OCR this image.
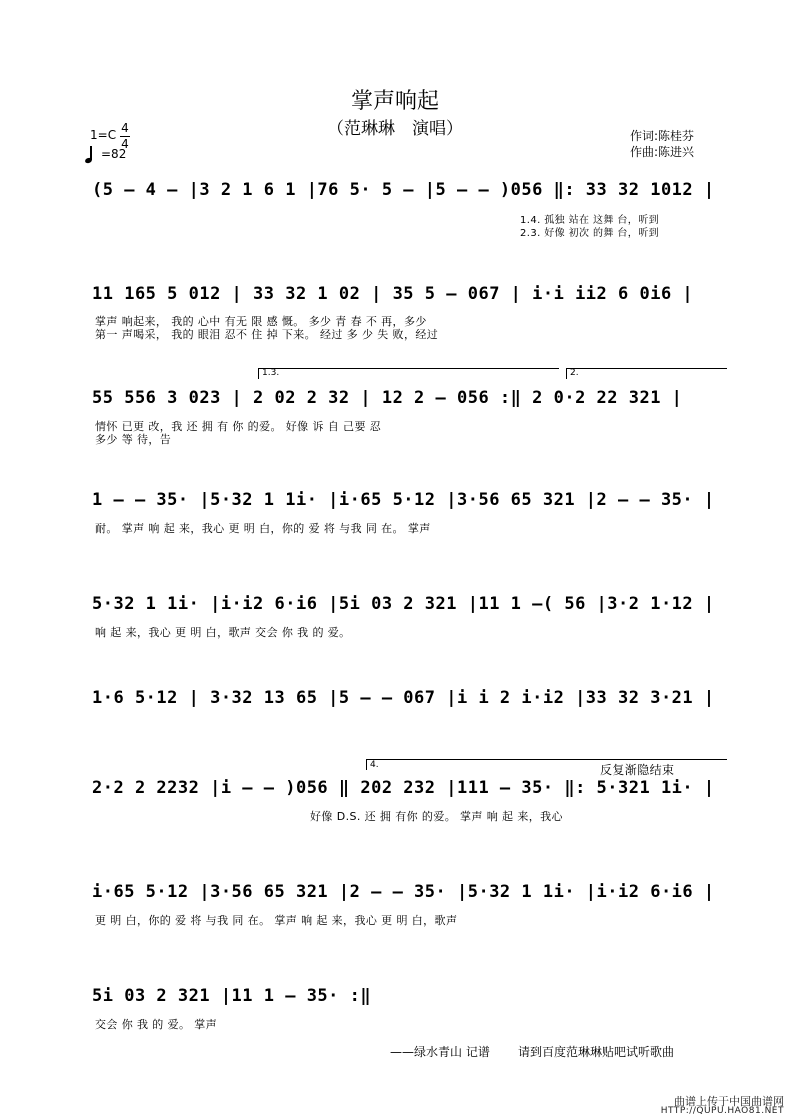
掌声响起
（范琳琳　演唱）
1=C 4
4
=82
作词:陈桂芬
作曲:陈进兴
(5 — 4 — |3 2 1 6 1 |76 5· 5 — |5 — — )056 ‖: 33 32 1012 |
1.4. 孤独 站在 这舞 台，听到
2.3. 好像 初次 的舞 台，听到
11 165 5 012 | 33 32 1 02 | 35 5 — 067 | i·i ii2 6 0i6 |
掌声 响起来， 我的 心中 有无 限 感 慨。 多少 青 春 不 再，多少
第一 声喝采， 我的 眼泪 忍不 住 掉 下来。 经过 多 少 失 败，经过
1.3.	2.
55 556 3 023 | 2 02 2 32 | 12 2 — 056 :‖ 2 0·2 22 321 |
情怀 已更 改，我 还 拥 有 你 的爱。 好像 诉 自 己要 忍
多少 等 待，告
1 — — 35· |5·32 1 1i· |i·65 5·12 |3·56 65 321 |2 — — 35· |
耐。 掌声 响 起 来，我心 更 明 白，你的 爱 将 与我 同 在。 掌声
5·32 1 1i· |i·i2 6·i6 |5i 03 2 321 |11 1 —( 56 |3·2 1·12 |
响 起 来，我心 更 明 白，歌声 交会 你 我 的 爱。
1·6 5·12 | 3·32 13 65 |5 — — 067 |i i 2 i·i2 |33 32 3·21 |
反复渐隐结束
4.
2·2 2 2232 |i — — )056 ‖ 202 232 |111 — 35· ‖: 5·321 1i· |
好像 D.S. 还 拥 有你 的爱。 掌声 响 起 来，我心
i·65 5·12 |3·56 65 321 |2 — — 35· |5·32 1 1i· |i·i2 6·i6 |
更 明 白，你的 爱 将 与我 同 在。 掌声 响 起 来，我心 更 明 白，歌声
5i 03 2 321 |11 1 — 35· :‖
交会 你 我 的 爱。 掌声
——绿水青山 记谱 请到百度范琳琳贴吧试听歌曲
曲谱上传于中国曲谱网
HTTP://QUPU.HAO81.NET
